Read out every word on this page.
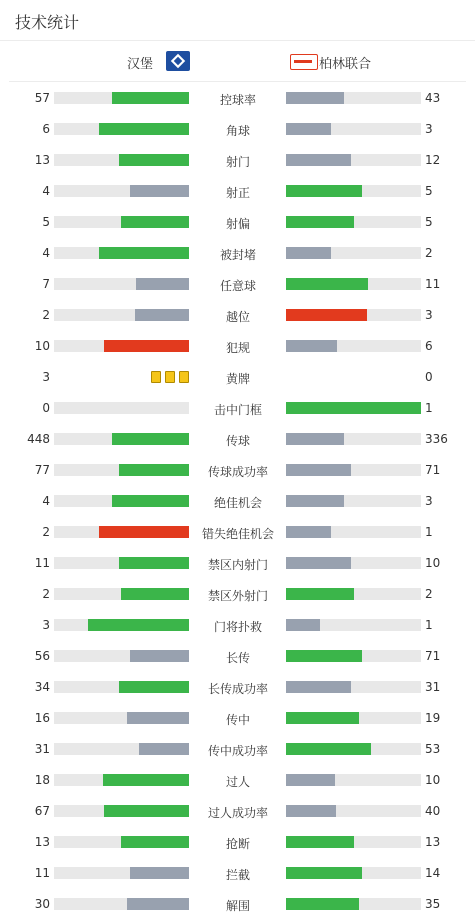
技术统计
汉堡	柏林联合
57	控球率	43
6	角球	3
13	射门	12
4	射正	5
5	射偏	5
4	被封堵	2
7	任意球	11
2	越位	3
10	犯规	6
3	黄牌	0
0	击中门框	1
448	传球	336
77	传球成功率	71
4	绝佳机会	3
2	错失绝佳机会	1
11	禁区内射门	10
2	禁区外射门	2
3	门将扑救	1
56	长传	71
34	长传成功率	31
16	传中	19
31	传中成功率	53
18	过人	10
67	过人成功率	40
13	抢断	13
11	拦截	14
30	解围	35
